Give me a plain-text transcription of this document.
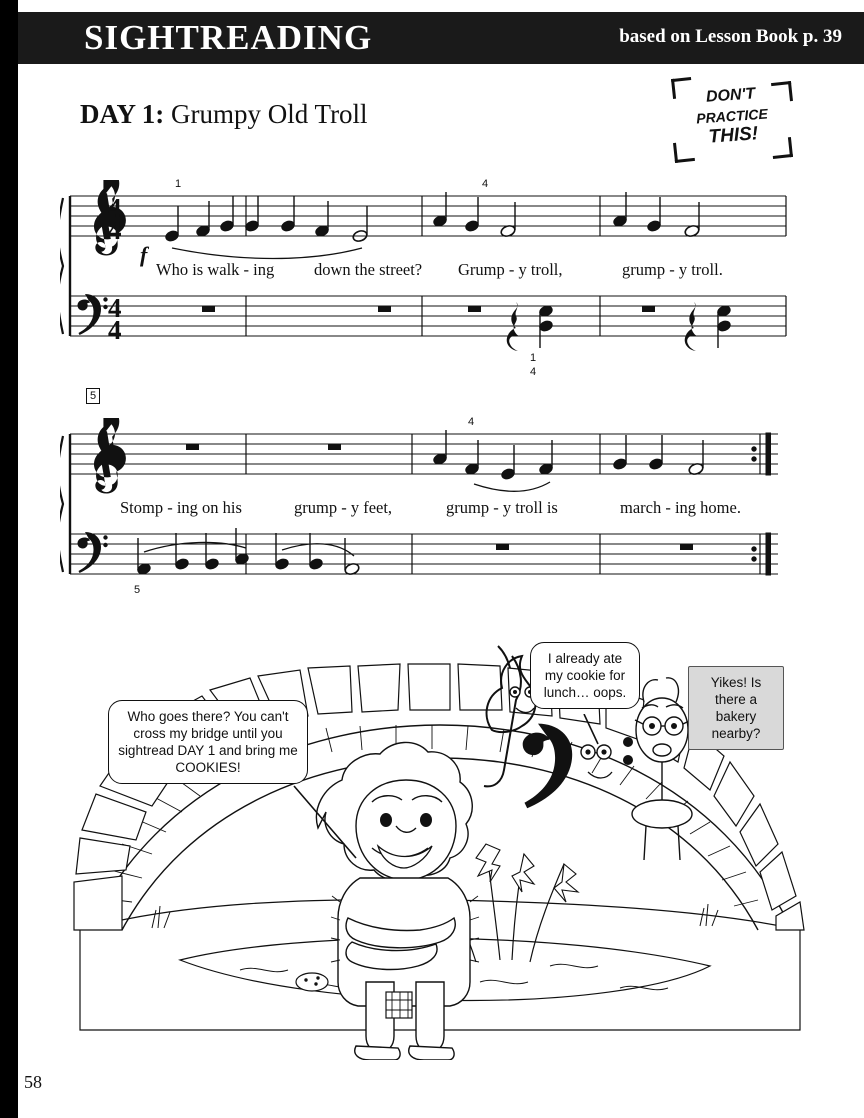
SIGHTREADING	based on Lesson Book p. 39
DAY 1: Grumpy Old Troll
DON'T
PRACTICE
THIS!
4
4
4
4
f
1	4
1
4
Who is walk - ing down the street? Grump - y troll,	grump - y troll.
5
4
5
Stomp - ing on his	grump - y feet,	grump - y troll is	march - ing home.
Who goes there? You can't cross my bridge until you sightread DAY 1 and bring me COOKIES!
I already ate my cookie for lunch… oops.
Yikes! Is there a bakery nearby?
58
